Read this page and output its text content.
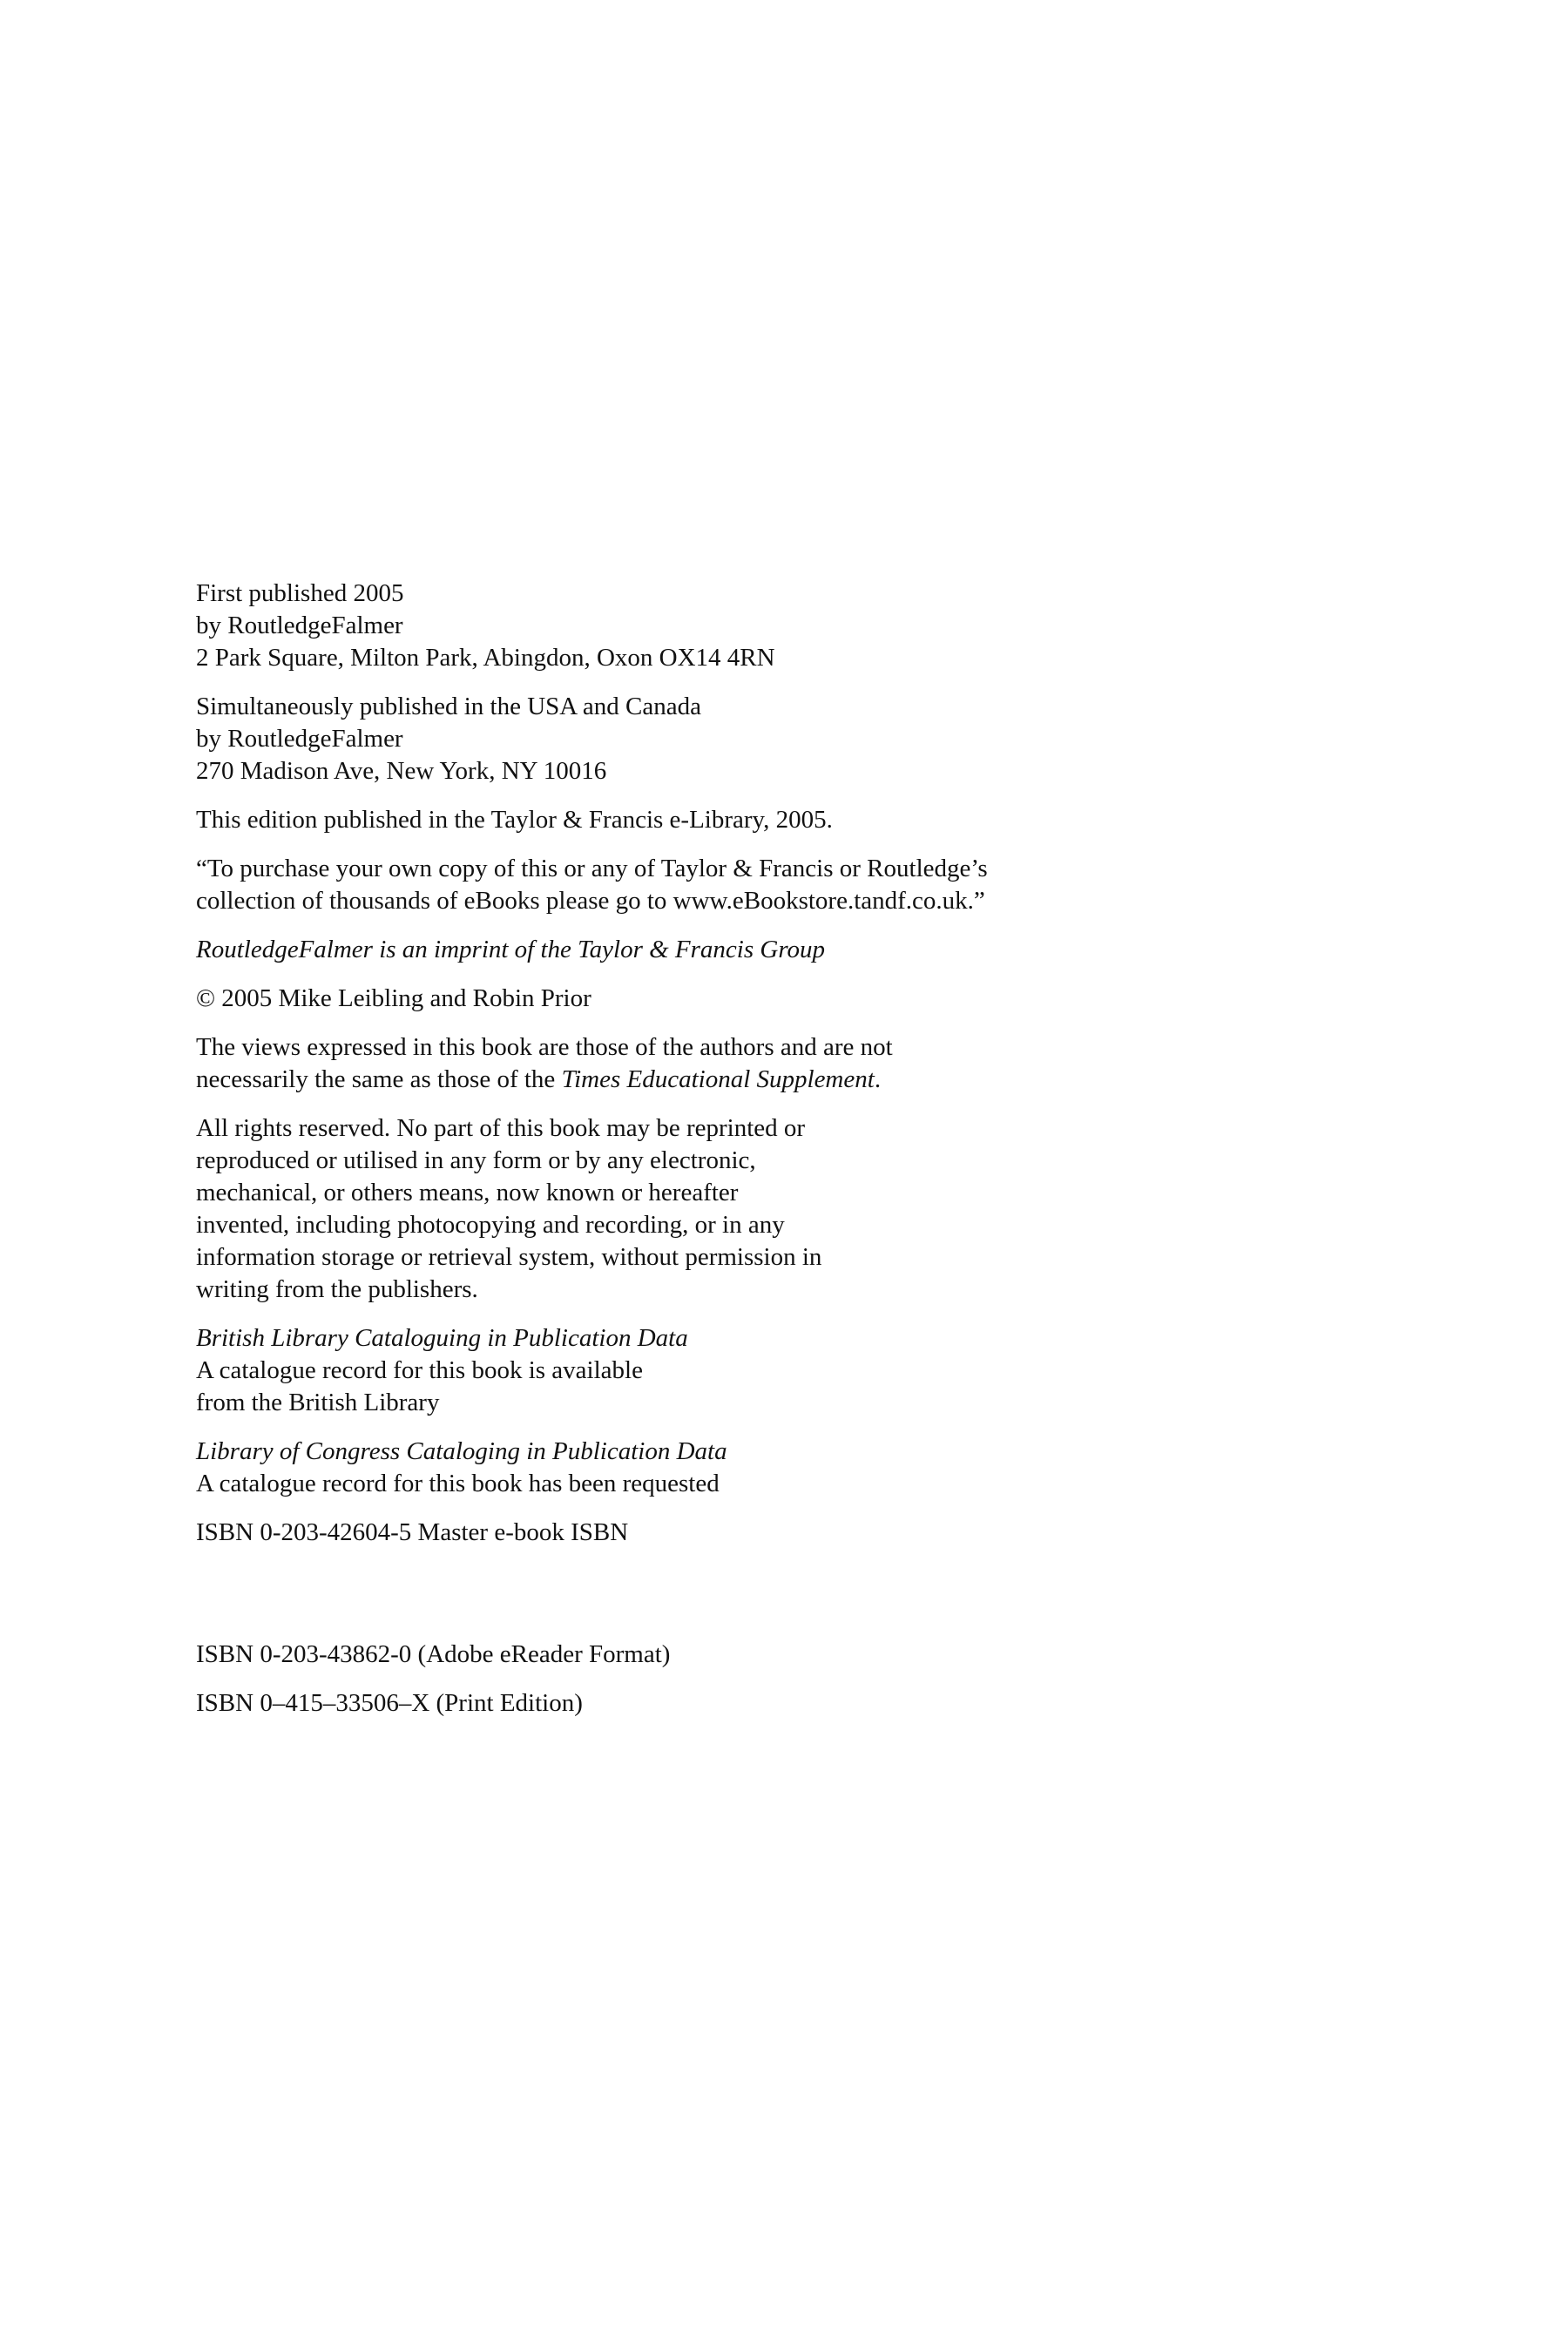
First published 2005
by RoutledgeFalmer
2 Park Square, Milton Park, Abingdon, Oxon OX14 4RN
Simultaneously published in the USA and Canada
by RoutledgeFalmer
270 Madison Ave, New York, NY 10016
This edition published in the Taylor & Francis e-Library, 2005.
“To purchase your own copy of this or any of Taylor & Francis or Routledge’s
collection of thousands of eBooks please go to www.eBookstore.tandf.co.uk.”
RoutledgeFalmer is an imprint of the Taylor & Francis Group
© 2005 Mike Leibling and Robin Prior
The views expressed in this book are those of the authors and are not
necessarily the same as those of the Times Educational Supplement.
All rights reserved. No part of this book may be reprinted or
reproduced or utilised in any form or by any electronic,
mechanical, or others means, now known or hereafter
invented, including photocopying and recording, or in any
information storage or retrieval system, without permission in
writing from the publishers.
British Library Cataloguing in Publication Data
A catalogue record for this book is available
from the British Library
Library of Congress Cataloging in Publication Data
A catalogue record for this book has been requested
ISBN 0-203-42604-5 Master e-book ISBN
ISBN 0-203-43862-0 (Adobe eReader Format)
ISBN 0–415–33506–X (Print Edition)
